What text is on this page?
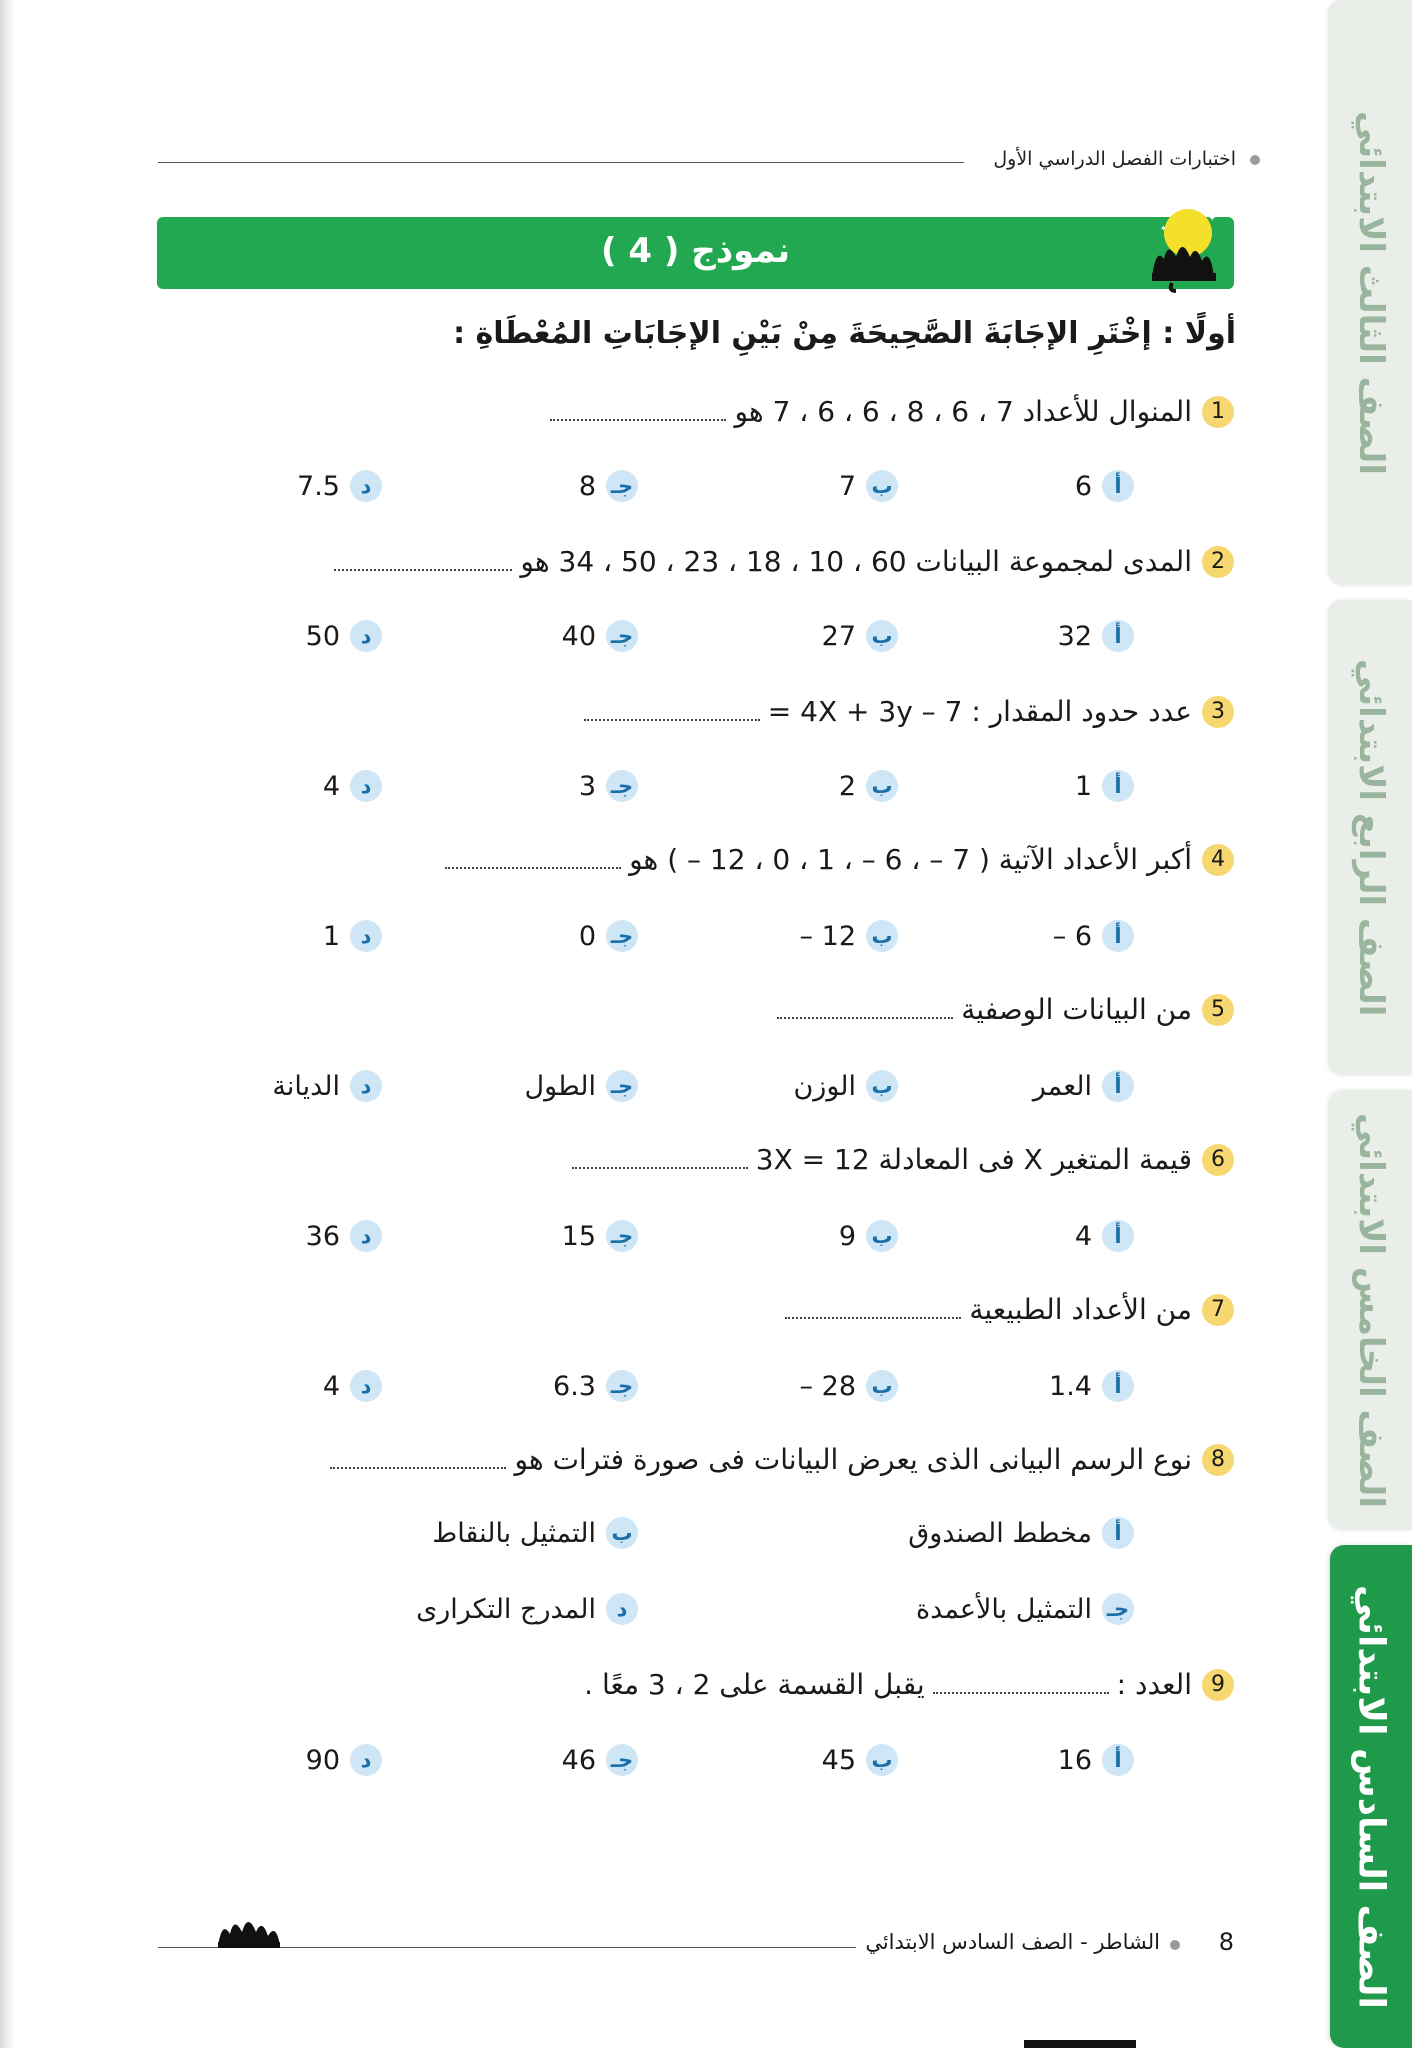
الصف الثالث الابتدائي
الصف الرابع الابتدائي
الصف الخامس الابتدائي
الصف السادس الابتدائي
اختبارات الفصل الدراسي الأول
نموذج ( 4 )
✦
✦
أولًا : إخْتَرِ الإجَابَةَ الصَّحِيحَةَ مِنْ بَيْنِ الإجَابَاتِ المُعْطَاةِ :
1
المنوال للأعداد 7 ، 6 ، 8 ، 6 ، 6 ، 7 هو
أ
6
ب
7
جـ
8
د
7.5
2
المدى لمجموعة البيانات 60 ، 10 ، 18 ، 23 ، 50 ، 34 هو
أ
32
ب
27
جـ
40
د
50
3
عدد حدود المقدار : 7 – 4X + 3y =
أ
1
ب
2
جـ
3
د
4
4
أكبر الأعداد الآتية ( 7 – ، 6 – ، 1 ، 0 ، 12 – ) هو
أ
6 –
ب
12 –
جـ
0
د
1
5
من البيانات الوصفية
أ
العمر
ب
الوزن
جـ
الطول
د
الديانة
6
قيمة المتغير X فى المعادلة 3X = 12
أ
4
ب
9
جـ
15
د
36
7
من الأعداد الطبيعية
أ
1.4
ب
28 –
جـ
6.3
د
4
8
نوع الرسم البيانى الذى يعرض البيانات فى صورة فترات هو
أ
مخطط الصندوق
ب
التمثيل بالنقاط
جـ
التمثيل بالأعمدة
د
المدرج التكرارى
9
العدد :
يقبل القسمة على 2 ، 3 معًا .
أ
16
ب
45
جـ
46
د
90
8
الشاطر - الصف السادس الابتدائي
